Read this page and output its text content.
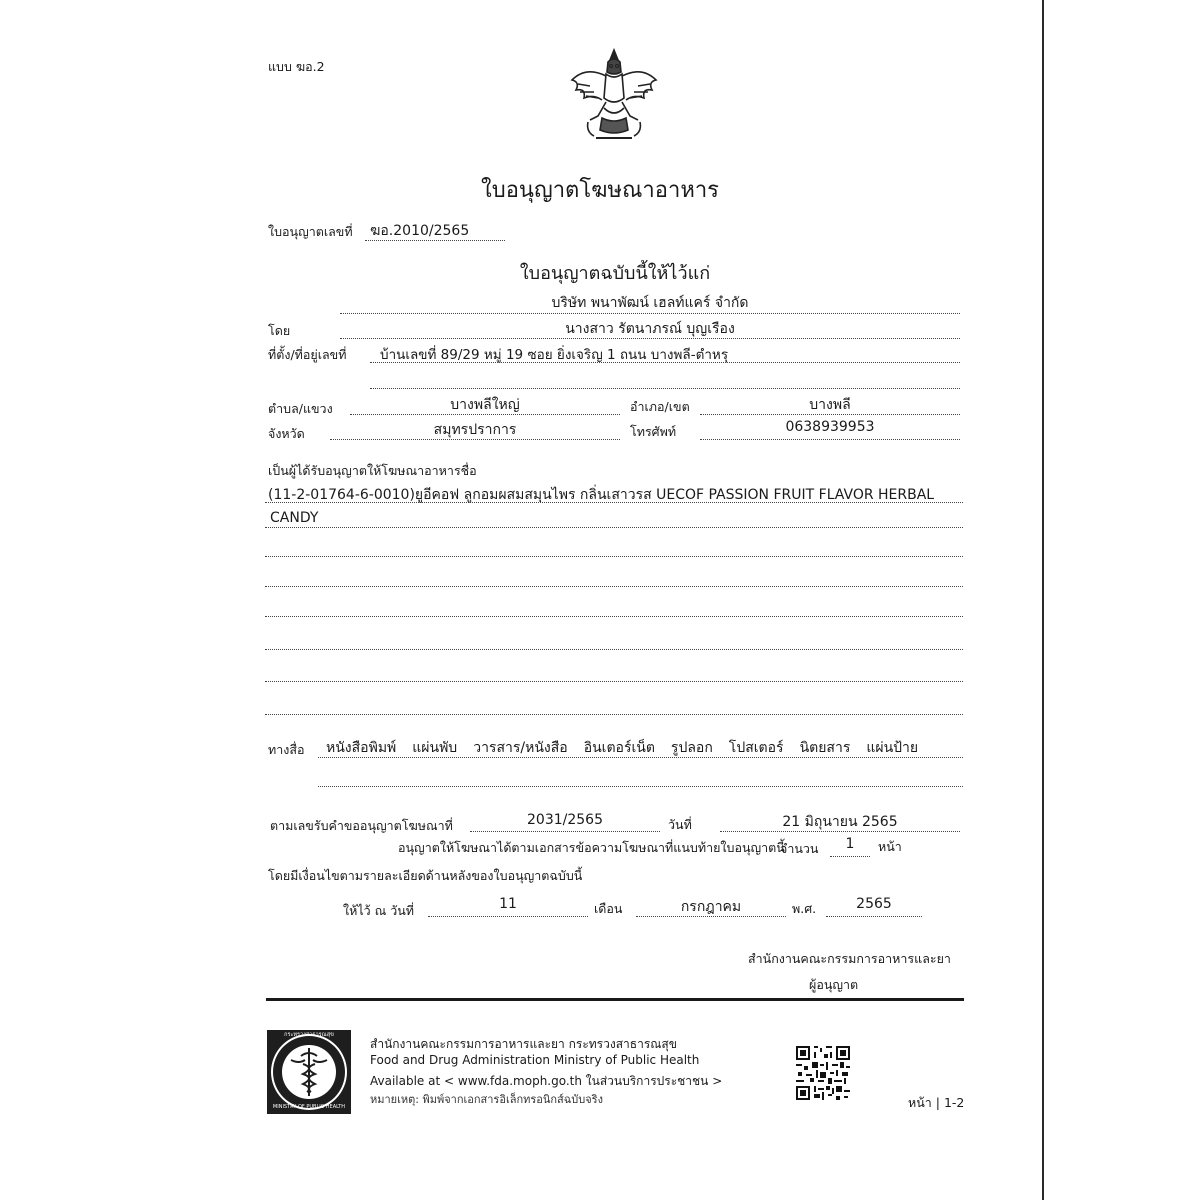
แบบ ฆอ.2
ใบอนุญาตโฆษณาอาหาร
ใบอนุญาตเลขที่ ฆอ.2010/2565
ใบอนุญาตฉบับนี้ให้ไว้แก่
บริษัท พนาพัฒน์ เฮลท์แคร์ จำกัด
โดย	นางสาว รัตนาภรณ์ บุญเรือง
ที่ตั้ง/ที่อยู่เลขที่ บ้านเลขที่ 89/29 หมู่ 19 ซอย ยิ่งเจริญ 1 ถนน บางพลี-ตำหรุ
ตำบล/แขวง	บางพลีใหญ่	อำเภอ/เขต	บางพลี
จังหวัด	สมุทรปราการ	โทรศัพท์	0638939953
เป็นผู้ได้รับอนุญาตให้โฆษณาอาหารชื่อ
(11-2-01764-6-0010)ยูอีคอฟ ลูกอมผสมสมุนไพร กลิ่นเสาวรส UECOF PASSION FRUIT FLAVOR HERBAL
CANDY
ทางสื่อ หนังสือพิมพ์ แผ่นพับ วารสาร/หนังสือ อินเตอร์เน็ต รูปลอก โปสเตอร์ นิตยสาร แผ่นป้าย
ตามเลขรับคำขออนุญาตโฆษณาที่	2031/2565	วันที่	21 มิถุนายน 2565
อนุญาตให้โฆษณาได้ตามเอกสารข้อความโฆษณาที่แนบท้ายใบอนุญาตนี้
จำนวน	1	หน้า
โดยมีเงื่อนไขตามรายละเอียดด้านหลังของใบอนุญาตฉบับนี้
ให้ไว้ ณ วันที่	11	เดือน	กรกฎาคม	พ.ศ.	2565
สำนักงานคณะกรรมการอาหารและยา
ผู้อนุญาต
กระทรวงสาธารณสุข
MINISTRY OF PUBLIC HEALTH
สำนักงานคณะกรรมการอาหารและยา กระทรวงสาธารณสุข
Food and Drug Administration Ministry of Public Health
Available at < www.fda.moph.go.th ในส่วนบริการประชาชน >
หมายเหตุ: พิมพ์จากเอกสารอิเล็กทรอนิกส์ฉบับจริง	หน้า | 1-2
